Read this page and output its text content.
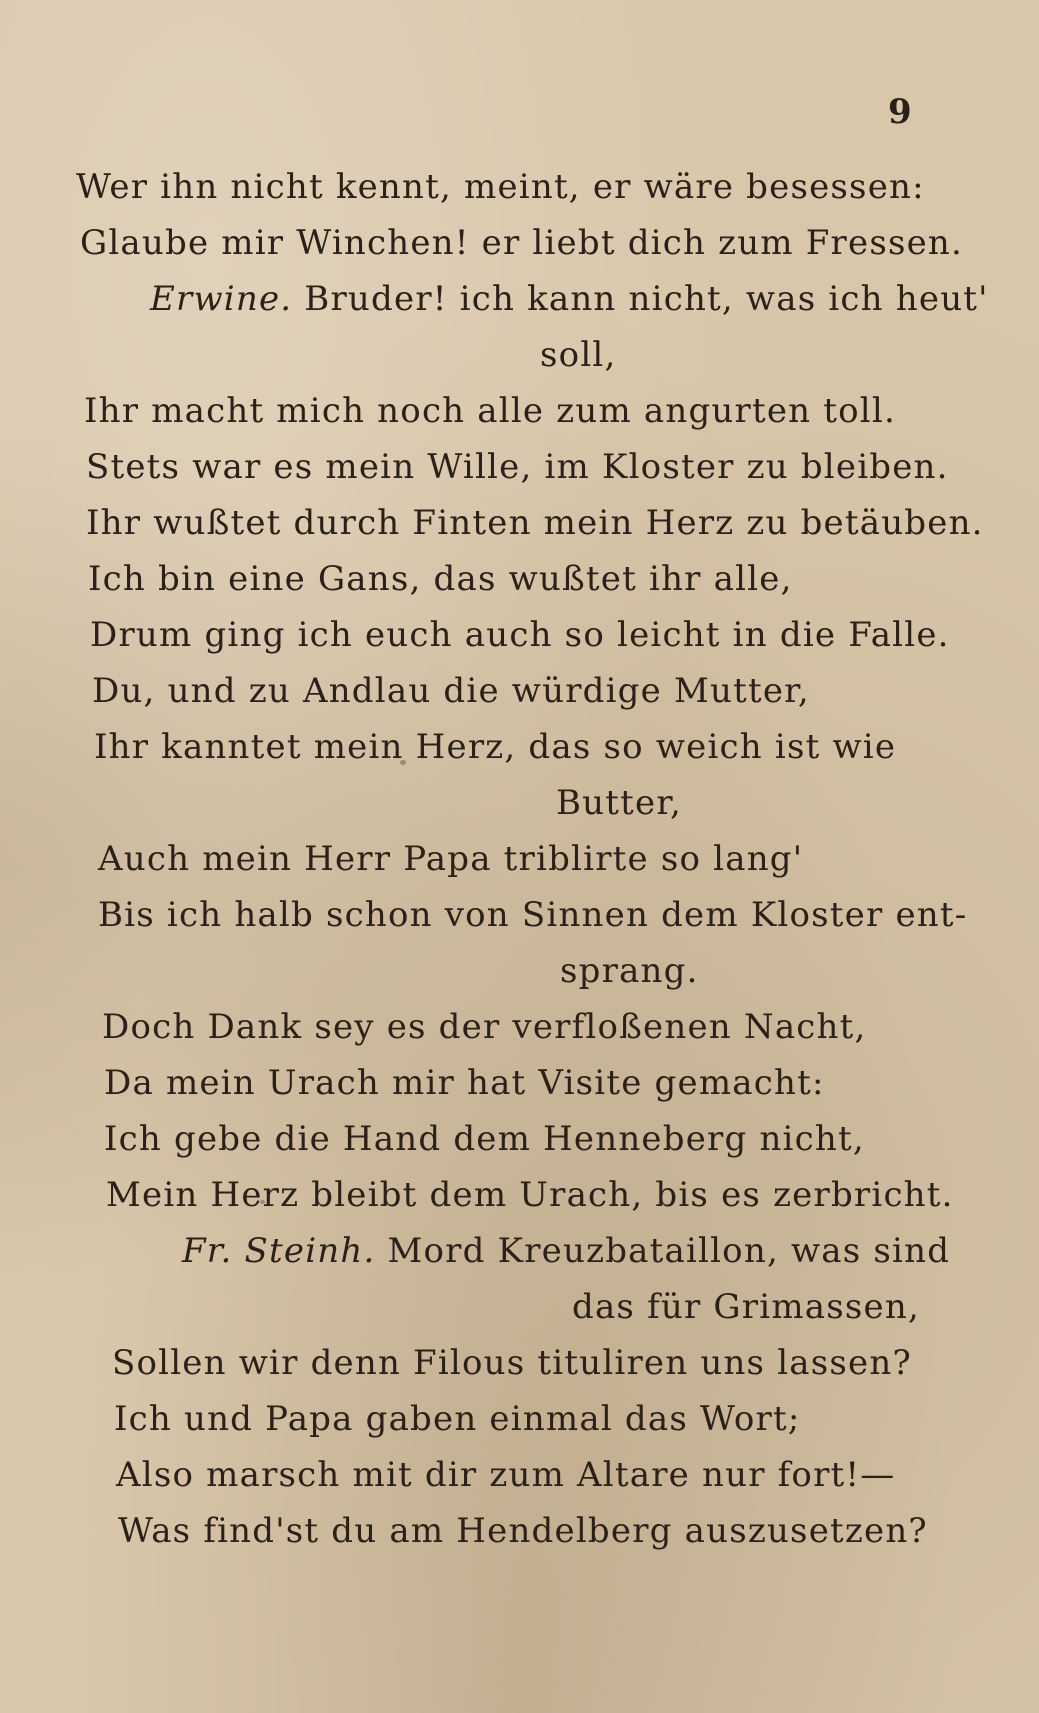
9
Wer ihn nicht kennt, meint, er wäre besessen:
Glaube mir Winchen! er liebt dich zum Fressen.
Erwine. Bruder! ich kann nicht, was ich heut'
soll,
Ihr macht mich noch alle zum angurten toll.
Stets war es mein Wille, im Kloster zu bleiben.
Ihr wußtet durch Finten mein Herz zu betäuben.
Ich bin eine Gans, das wußtet ihr alle,
Drum ging ich euch auch so leicht in die Falle.
Du, und zu Andlau die würdige Mutter,
Ihr kanntet mein Herz, das so weich ist wie
Butter,
Auch mein Herr Papa triblirte so lang'
Bis ich halb schon von Sinnen dem Kloster ent-
sprang.
Doch Dank sey es der verfloßenen Nacht,
Da mein Urach mir hat Visite gemacht:
Ich gebe die Hand dem Henneberg nicht,
Mein Herz bleibt dem Urach, bis es zerbricht.
Fr. Steinh. Mord Kreuzbataillon, was sind
das für Grimassen,
Sollen wir denn Filous tituliren uns lassen?
Ich und Papa gaben einmal das Wort;
Also marsch mit dir zum Altare nur fort!—
Was find'st du am Hendelberg auszusetzen?
